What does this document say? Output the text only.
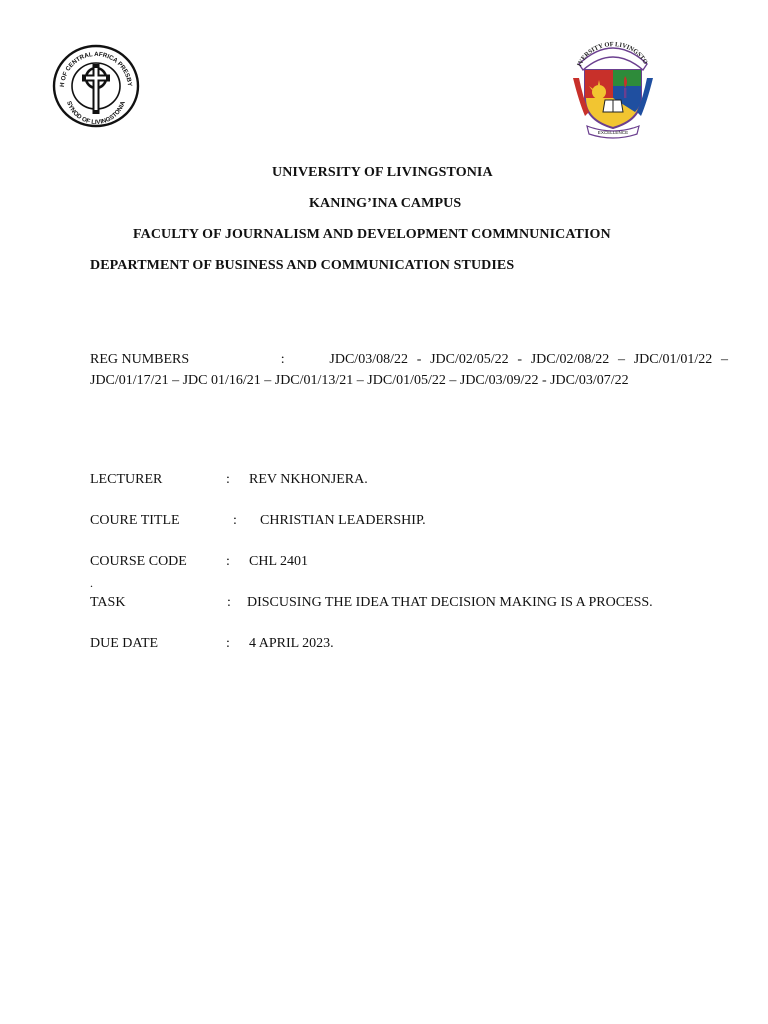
H OF CENTRAL AFRICA PRESBY
SYNOD OF LIVINGSTONIA
IVERSITY OF LIVINGSTO
EXCELLENCE
UNIVERSITY OF LIVINGSTONIA
KANING’INA CAMPUS
FACULTY OF JOURNALISM AND DEVELOPMENT COMMNUNICATION
DEPARTMENT OF BUSINESS AND COMMUNICATION STUDIES
REG NUMBERS	:	JDC/03/08/22 - JDC/02/05/22 - JDC/02/08/22 – JDC/01/01/22 –
JDC/01/17/21 – JDC 01/16/21 – JDC/01/13/21 – JDC/01/05/22 – JDC/03/09/22 - JDC/03/07/22
LECTURER	: REV NKHONJERA.
COURE TITLE	: CHRISTIAN LEADERSHIP.
COURSE CODE	: CHL 2401
.
TASK	: DISCUSING THE IDEA THAT DECISION MAKING IS A PROCESS.
DUE DATE	: 4 APRIL 2023.
